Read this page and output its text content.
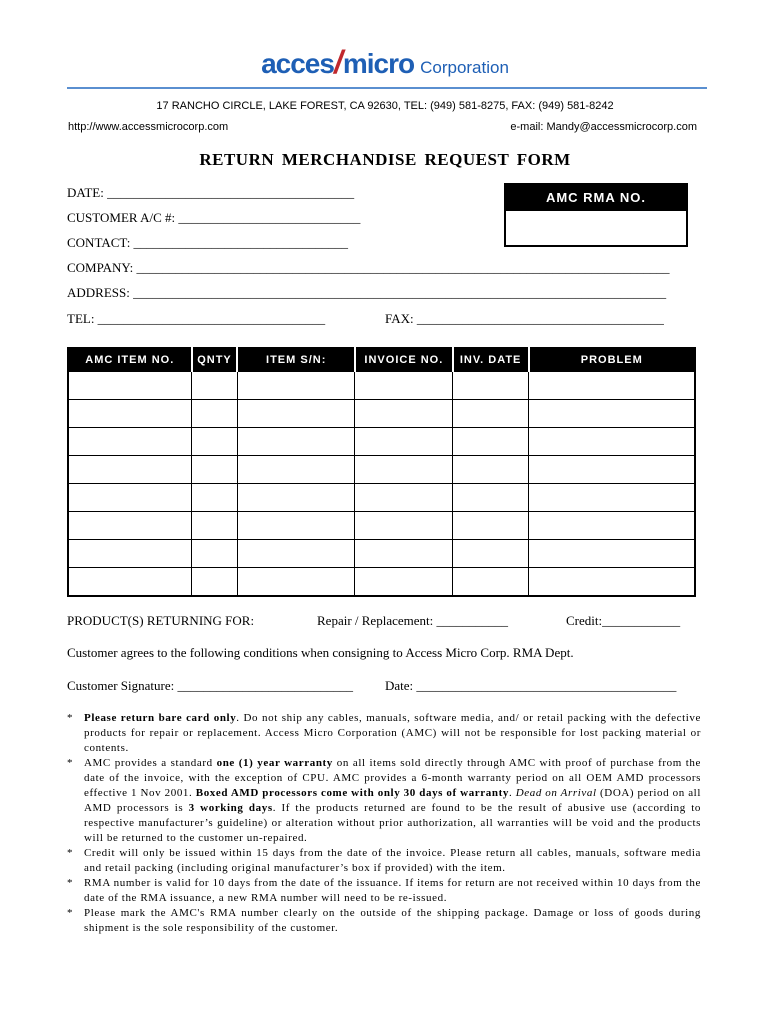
acces/micro Corporation
17 RANCHO CIRCLE, LAKE FOREST, CA 92630, TEL: (949) 581-8275, FAX: (949) 581-8242
http://www.accessmicrocorp.com	e-mail: Mandy@accessmicrocorp.com
RETURN MERCHANDISE REQUEST FORM
DATE: ______________________________________
CUSTOMER A/C #: ____________________________
CONTACT: _________________________________
COMPANY: __________________________________________________________________________________
ADDRESS: __________________________________________________________________________________
TEL: ___________________________________	FAX: ______________________________________
AMC RMA NO.
AMC ITEM NO.	QNTY	ITEM S/N:	INVOICE NO.	INV. DATE	PROBLEM

PRODUCT(S) RETURNING FOR:	Repair / Replacement: ___________	Credit:____________
Customer agrees to the following conditions when consigning to Access Micro Corp. RMA Dept.
Customer Signature: ___________________________ Date: ________________________________________

* Please return bare card only. Do not ship any cables, manuals, software media, and/ or retail packing with the defective products for repair or replacement. Access Micro Corporation (AMC) will not be responsible for lost packing material or contents.

* AMC provides a standard one (1) year warranty on all items sold directly through AMC with proof of purchase from the date of the invoice, with the exception of CPU. AMC provides a 6-month warranty period on all OEM AMD processors effective 1 Nov 2001. Boxed AMD processors come with only 30 days of warranty. Dead on Arrival (DOA) period on all AMD processors is 3 working days. If the products returned are found to be the result of abusive use (according to respective manufacturer’s guideline) or alteration without prior authorization, all warranties will be void and the products will be returned to the customer un-repaired.

* Credit will only be issued within 15 days from the date of the invoice. Please return all cables, manuals, software media and retail packing (including original manufacturer’s box if provided) with the item.

* RMA number is valid for 10 days from the date of the issuance. If items for return are not received within 10 days from the date of the RMA issuance, a new RMA number will need to be re-issued.

* Please mark the AMC's RMA number clearly on the outside of the shipping package. Damage or loss of goods during shipment is the sole responsibility of the customer.
